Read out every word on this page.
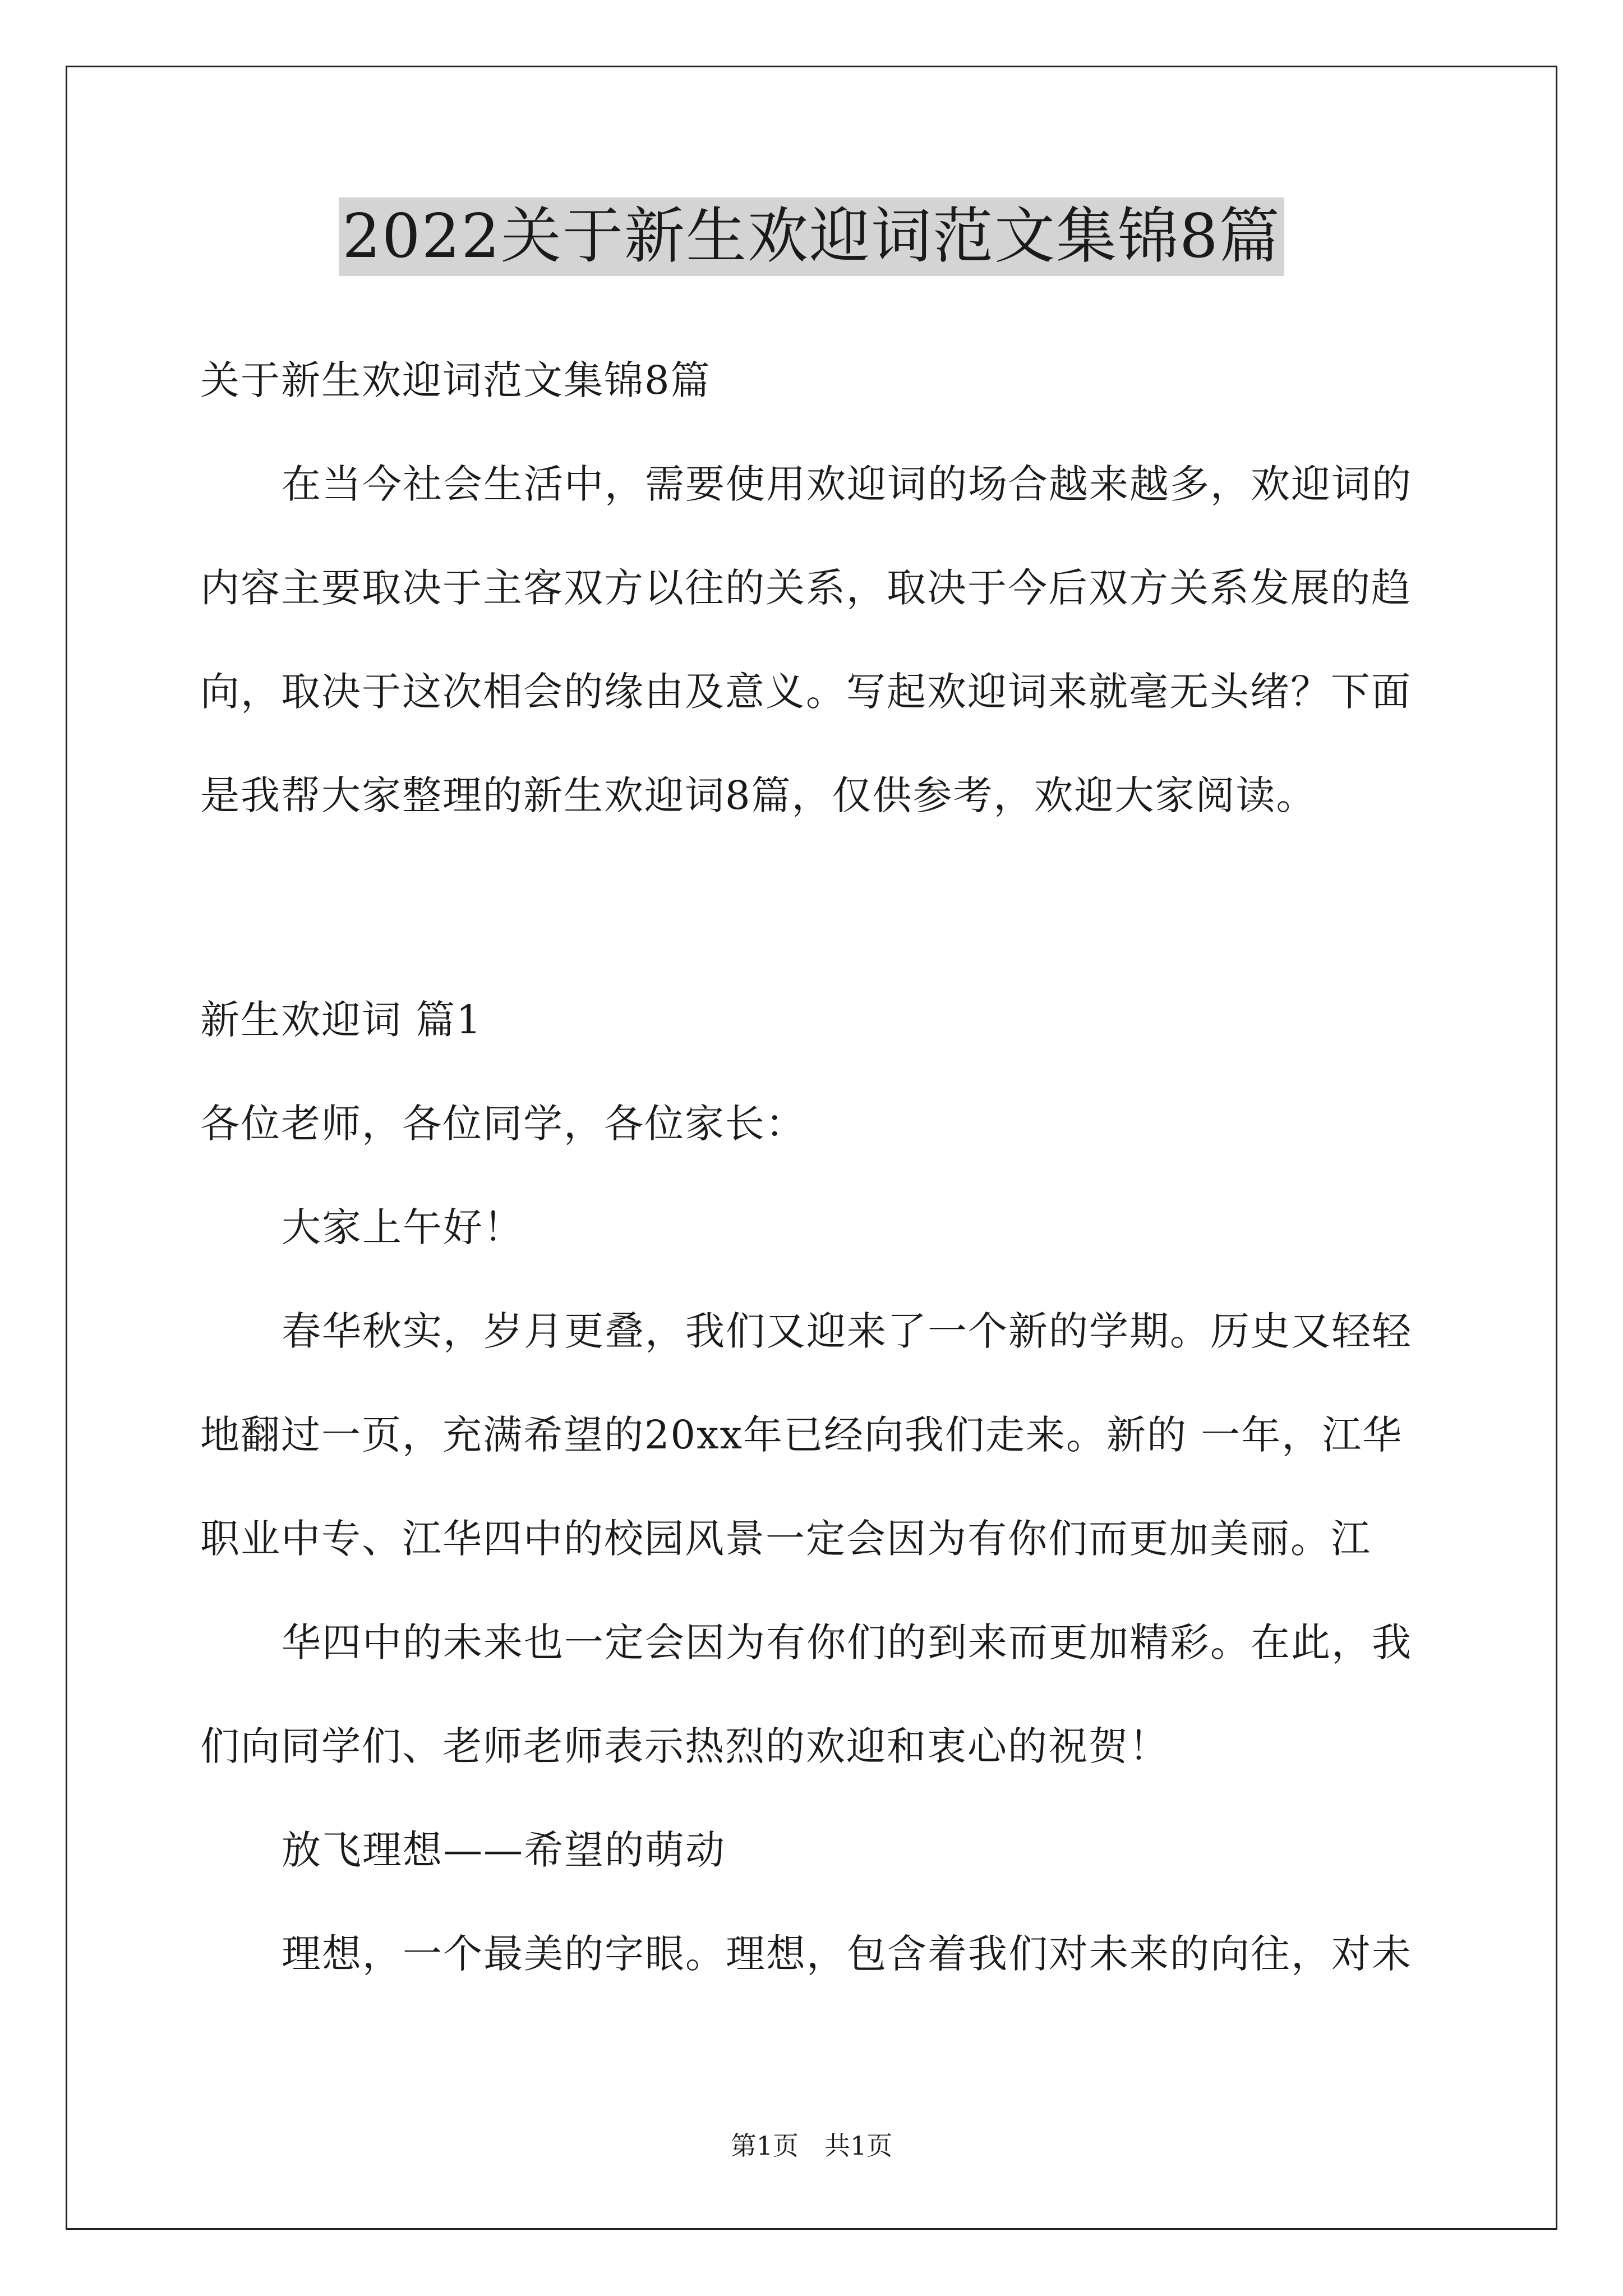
2022关于新生欢迎词范文集锦8篇
关于新生欢迎词范文集锦8篇
在当今社会生活中，需要使用欢迎词的场合越来越多，欢迎词的
内容主要取决于主客双方以往的关系，取决于今后双方关系发展的趋
向，取决于这次相会的缘由及意义。写起欢迎词来就毫无头绪？下面
是我帮大家整理的新生欢迎词8篇，仅供参考，欢迎大家阅读。
新生欢迎词 篇1
各位老师，各位同学，各位家长：
大家上午好！
春华秋实，岁月更叠，我们又迎来了一个新的学期。历史又轻轻
地翻过一页，充满希望的20xx年已经向我们走来。新的 一年，江华
职业中专、江华四中的校园风景一定会因为有你们而更加美丽。江
华四中的未来也一定会因为有你们的到来而更加精彩。在此，我
们向同学们、老师老师表示热烈的欢迎和衷心的祝贺！
放飞理想——希望的萌动
理想，一个最美的字眼。理想，包含着我们对未来的向往，对未
第1页　共1页
